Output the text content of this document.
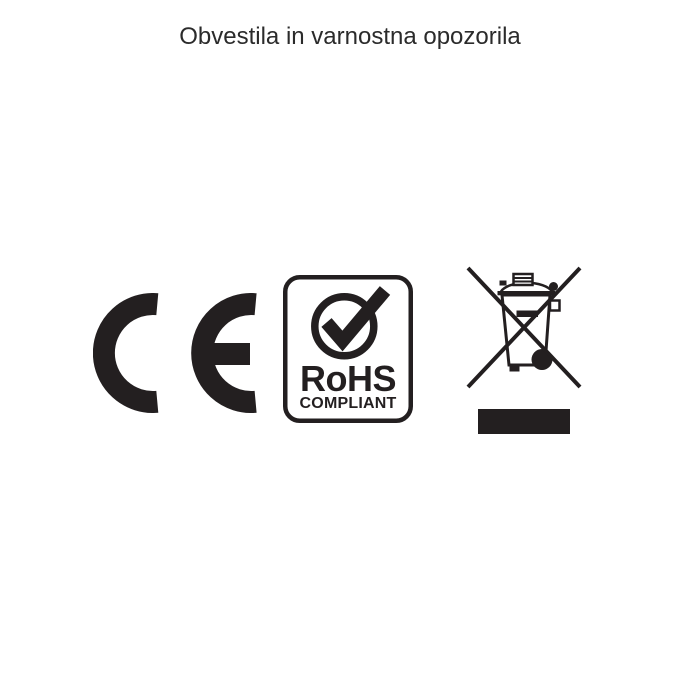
Obvestila in varnostna opozorila
RoHS
COMPLIANT
